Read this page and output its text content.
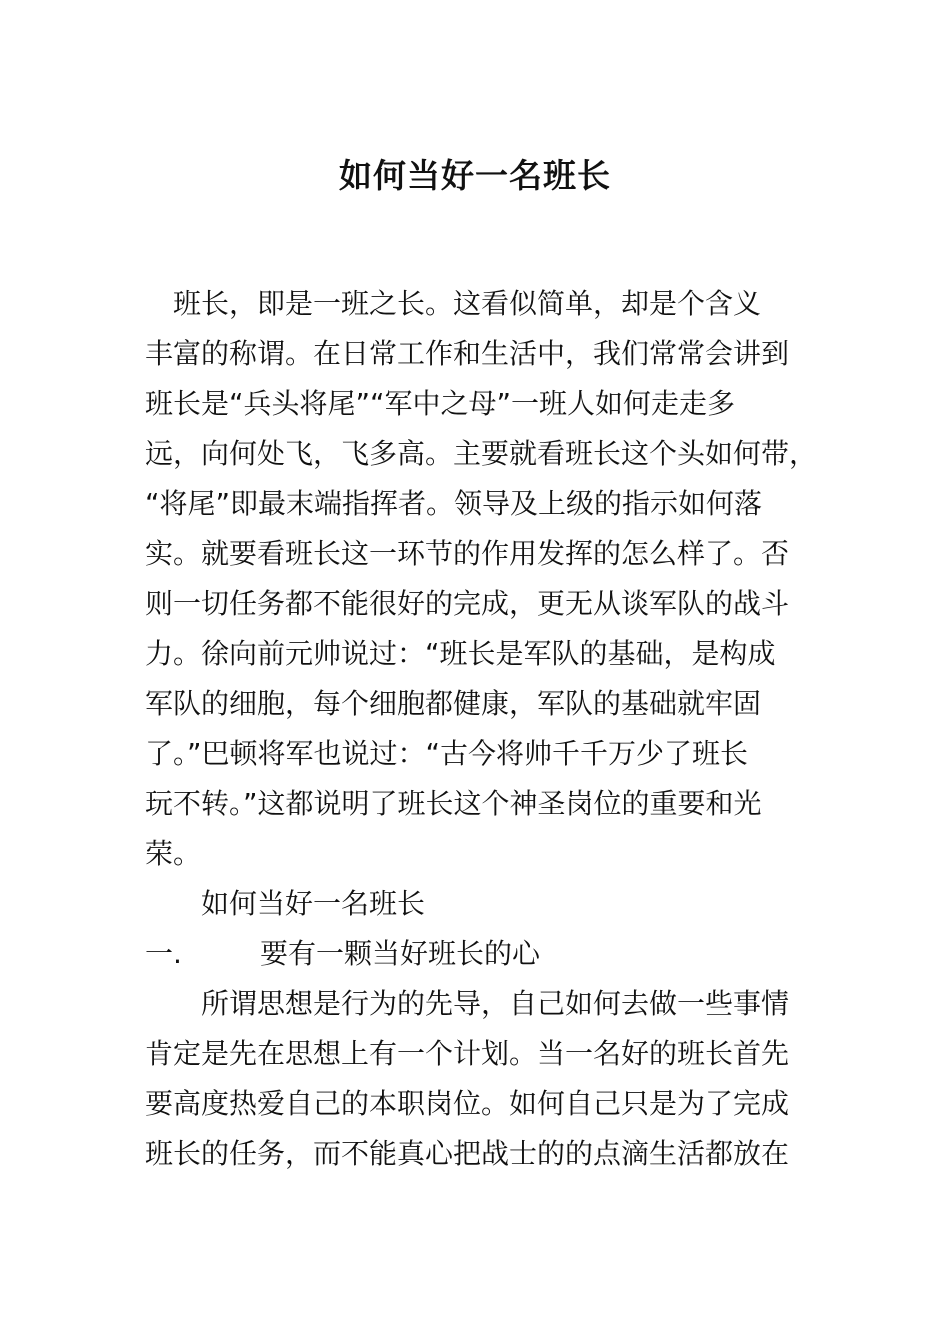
如何当好一名班长
　班长，即是一班之长。这看似简单，却是个含义
丰富的称谓。在日常工作和生活中，我们常常会讲到
班长是“兵头将尾”“军中之母”一班人如何走走多
远，向何处飞，飞多高。主要就看班长这个头如何带，
“将尾”即最末端指挥者。领导及上级的指示如何落
实。就要看班长这一环节的作用发挥的怎么样了。否
则一切任务都不能很好的完成，更无从谈军队的战斗
力。徐向前元帅说过：“班长是军队的基础，是构成
军队的细胞，每个细胞都健康，军队的基础就牢固
了。”巴顿将军也说过：“古今将帅千千万少了班长
玩不转。”这都说明了班长这个神圣岗位的重要和光
荣。
　　如何当好一名班长
一.	要有一颗当好班长的心
　　所谓思想是行为的先导，自己如何去做一些事情
肯定是先在思想上有一个计划。当一名好的班长首先
要高度热爱自己的本职岗位。如何自己只是为了完成
班长的任务，而不能真心把战士的的点滴生活都放在
